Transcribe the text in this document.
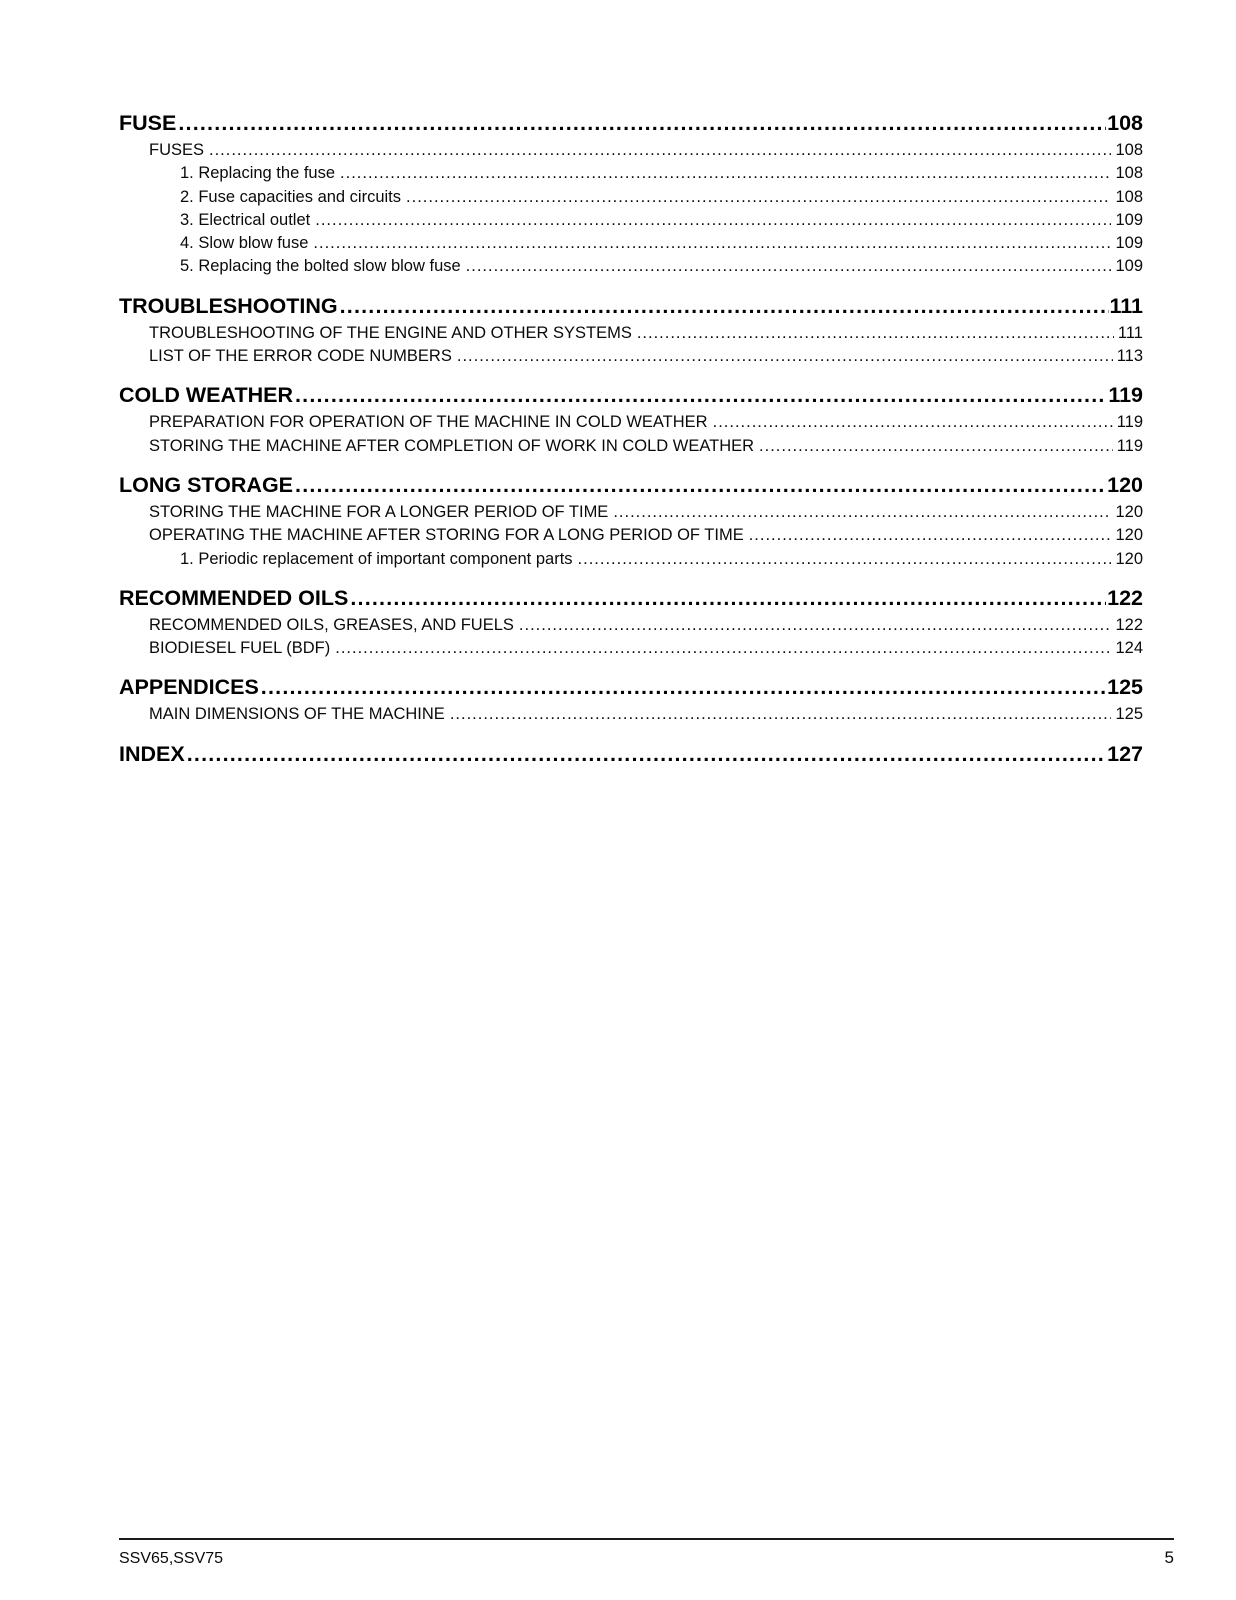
FUSE .....	108
FUSES .....	108
1. Replacing the fuse .....	108
2. Fuse capacities and circuits .....	108
3. Electrical outlet .....	109
4. Slow blow fuse .....	109
5. Replacing the bolted slow blow fuse .....	109
TROUBLESHOOTING .....	111
TROUBLESHOOTING OF THE ENGINE AND OTHER SYSTEMS .....	111
LIST OF THE ERROR CODE NUMBERS .....	113
COLD WEATHER .....	119
PREPARATION FOR OPERATION OF THE MACHINE IN COLD WEATHER .....	119
STORING THE MACHINE AFTER COMPLETION OF WORK IN COLD WEATHER .....	119
LONG STORAGE .....	120
STORING THE MACHINE FOR A LONGER PERIOD OF TIME .....	120
OPERATING THE MACHINE AFTER STORING FOR A LONG PERIOD OF TIME .....	120
1. Periodic replacement of important component parts .....	120
RECOMMENDED OILS .....	122
RECOMMENDED OILS, GREASES, AND FUELS .....	122
BIODIESEL FUEL (BDF) .....	124
APPENDICES .....	125
MAIN DIMENSIONS OF THE MACHINE .....	125
INDEX .....	127
SSV65,SSV75	5
